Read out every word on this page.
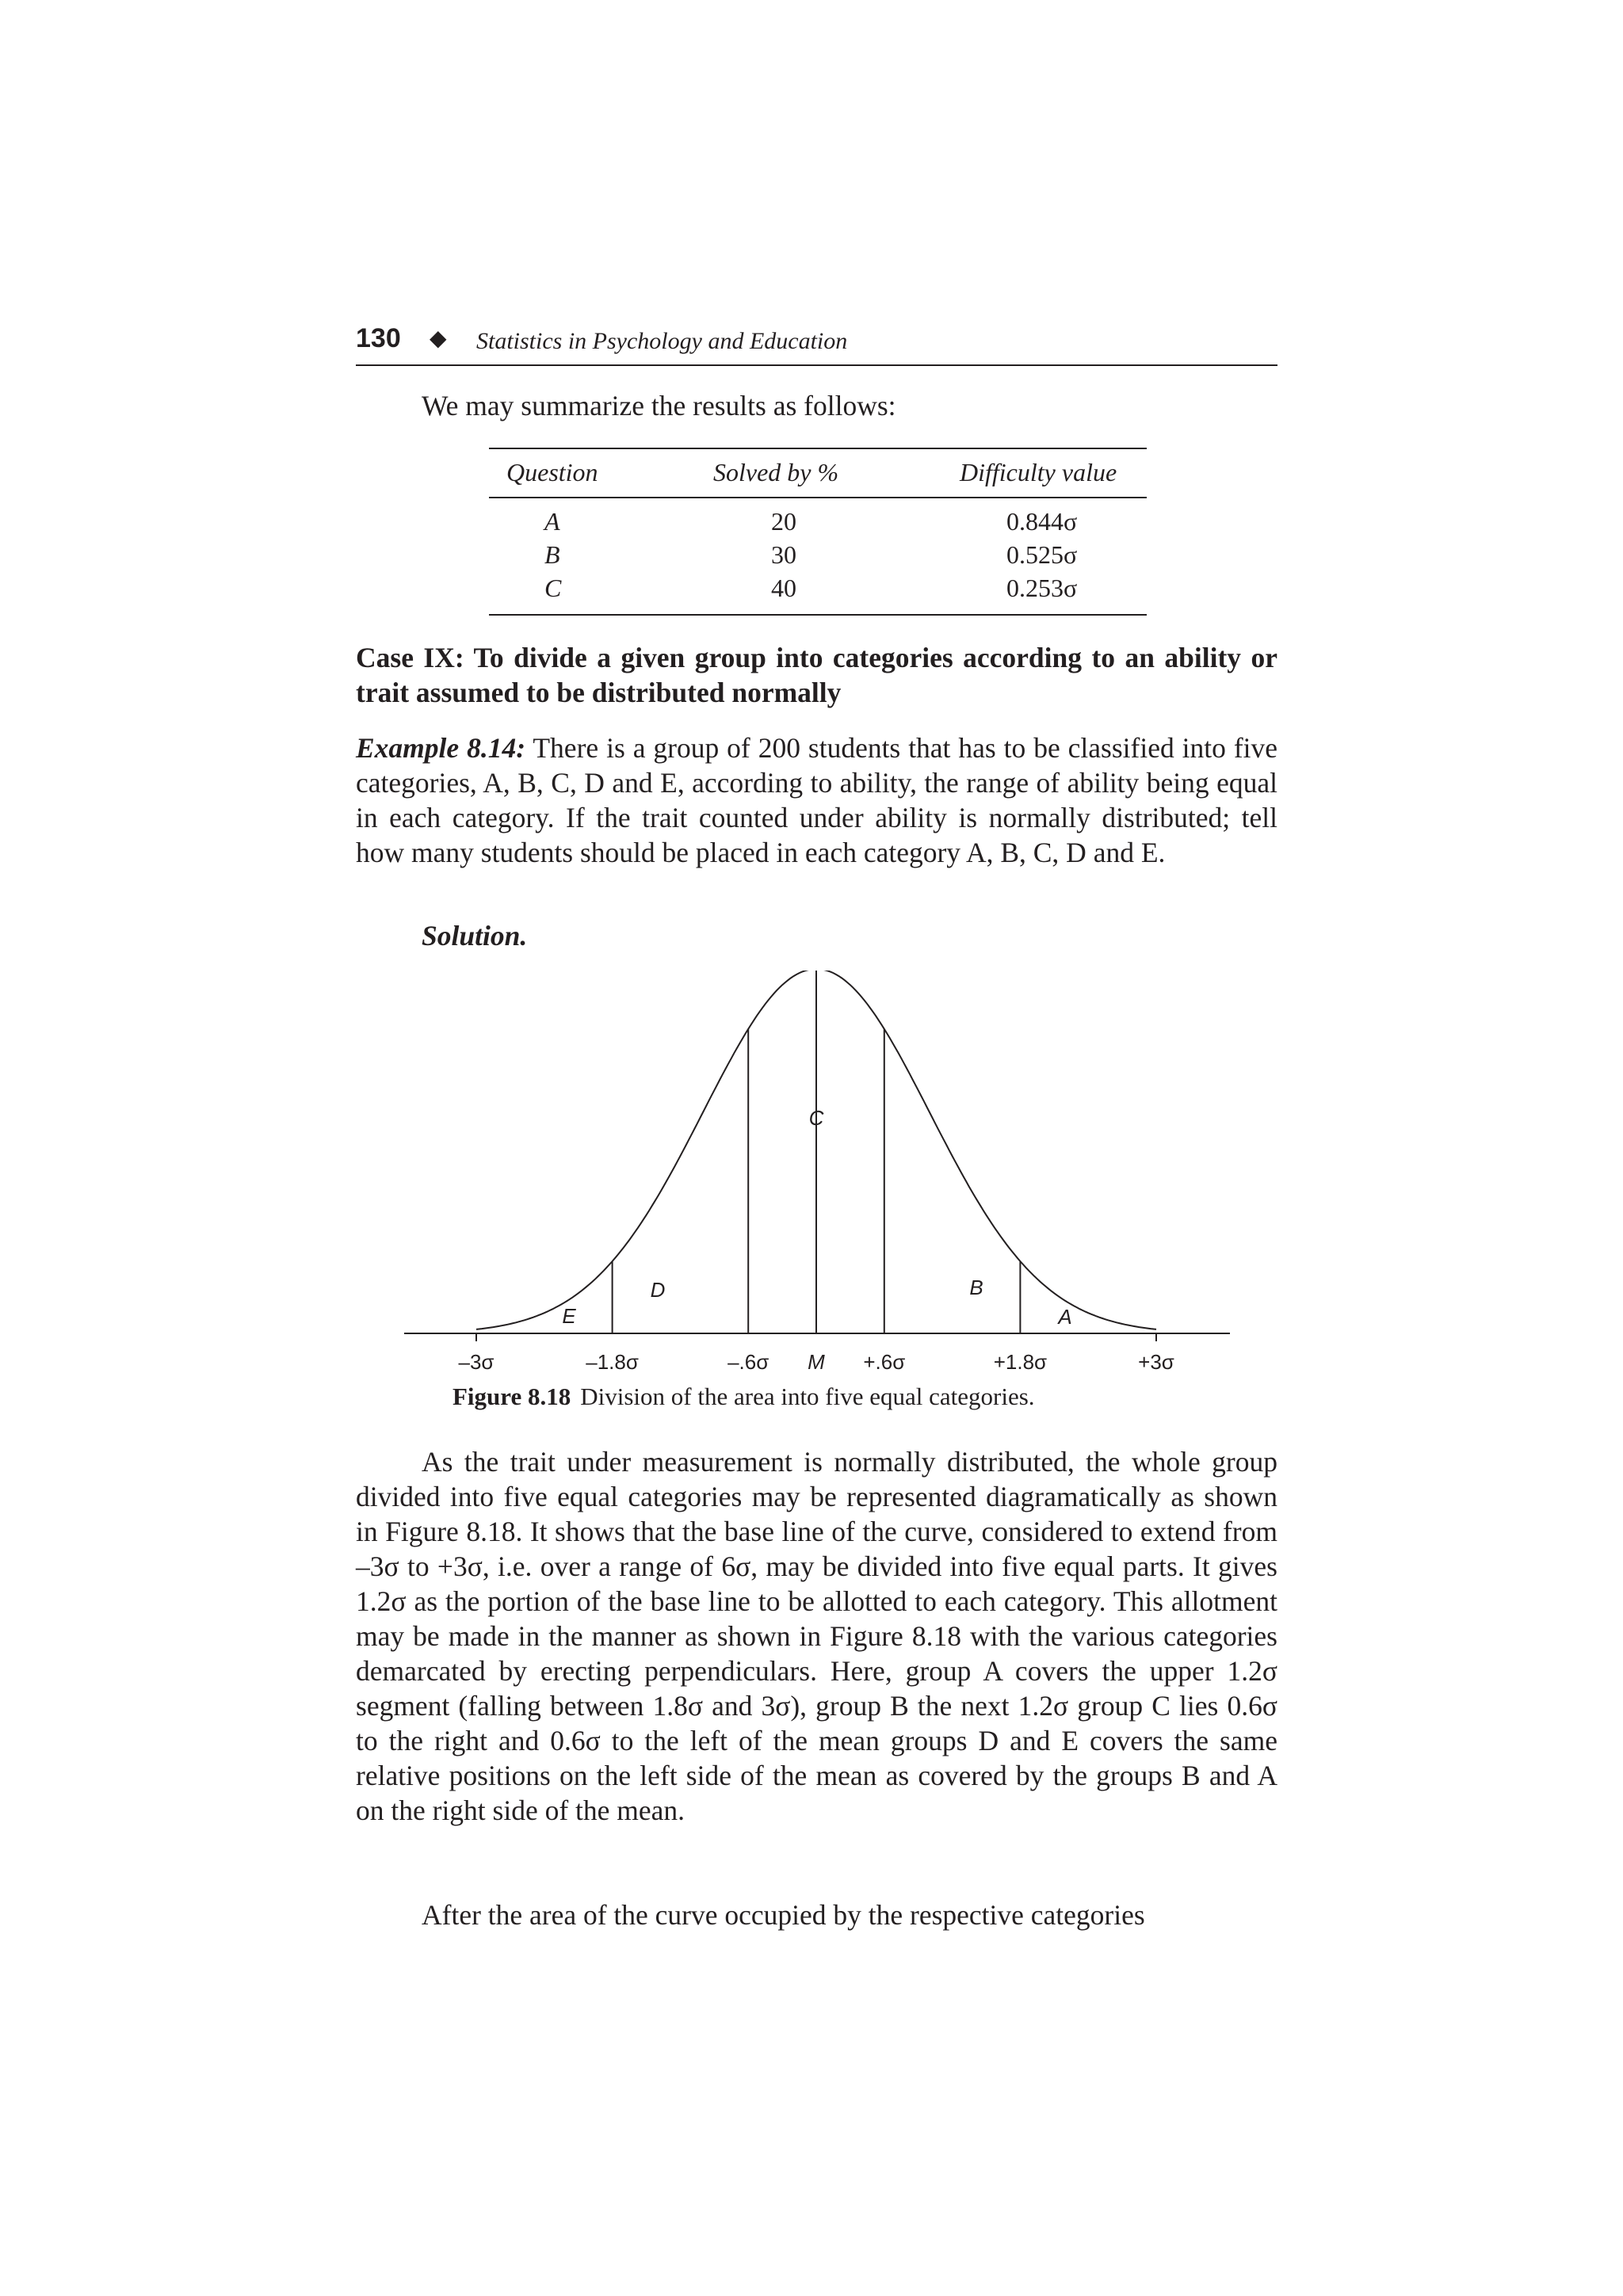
130 ◆ Statistics in Psychology and Education
We may summarize the results as follows:
Question	Solved by %	Difficulty value
A	20	0.844σ
B	30	0.525σ
C	40	0.253σ
Case IX: To divide a given group into categories according to an ability or trait assumed to be distributed normally
Example 8.14: There is a group of 200 students that has to be classified into five categories, A, B, C, D and E, according to ability, the range of ability being equal in each category. If the trait counted under ability is normally distributed; tell how many students should be placed in each category A, B, C, D and E.
Solution.
E
D
C
B
A
–3σ	–1.8σ	–.6σ M +.6σ	+1.8σ	+3σ
Figure 8.18 Division of the area into five equal categories.

As the trait under measurement is normally distributed, the whole group divided into five equal categories may be represented diagramatically as shown in Figure 8.18. It shows that the base line of the curve, considered to extend from –3σ to +3σ, i.e. over a range of 6σ, may be divided into five equal parts. It gives 1.2σ as the portion of the base line to be allotted to each category. This allotment may be made in the manner as shown in Figure 8.18 with the various categories demarcated by erecting perpendiculars. Here, group A covers the upper 1.2σ segment (falling between 1.8σ and 3σ), group B the next 1.2σ group C lies 0.6σ to the right and 0.6σ to the left of the mean groups D and E covers the same relative positions on the left side of the mean as covered by the groups B and A on the right side of the mean.

After the area of the curve occupied by the respective categories
